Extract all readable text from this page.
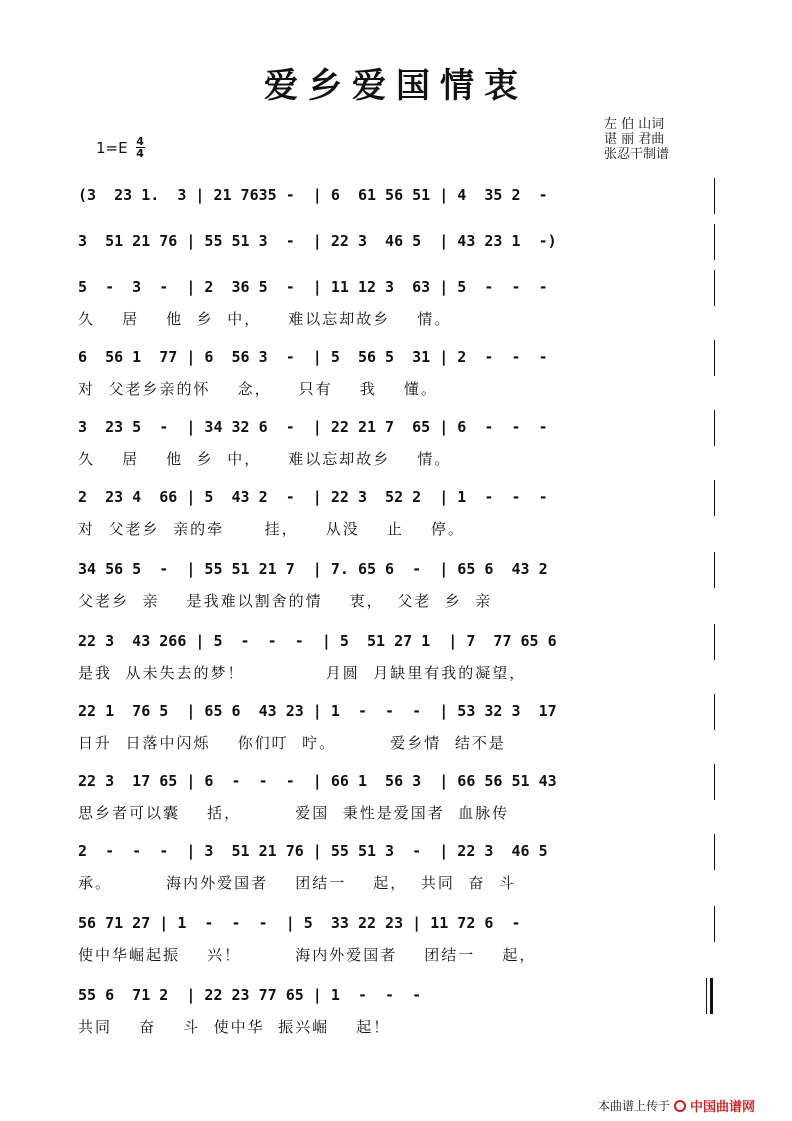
爱乡爱国情衷
$1=E \frac{4}{4}$
左 伯 山词
谌 丽 君曲
张忍干制谱
(3  23 1.  3 | 21 7635 -  | 6  61 56 51 | 4  35 2  -
3  51 21 76 | 55 51 3  -  | 22 3  46 5  | 43 23 1  -)
5  -  3  -  | 2  36 5  -  | 11 12 3  63 | 5  -  -  -
久    居    他  乡  中，    难以忘却故乡    情。
6  56 1  77 | 6  56 3  -  | 5  56 5  31 | 2  -  -  -
对  父老乡亲的怀    念，    只有    我    懂。
3  23 5  -  | 34 32 6  -  | 22 21 7  65 | 6  -  -  -
久    居    他  乡  中，    难以忘却故乡    情。
2  23 4  66 | 5  43 2  -  | 22 3  52 2  | 1  -  -  -
对  父老乡  亲的牵      挂，    从没    止    停。
34 56 5  -  | 55 51 21 7  | 7. 65 6  -  | 65 6  43 2
父老乡  亲    是我难以割舍的情    衷，  父老  乡  亲
22 3  43 266 | 5  -  -  -  | 5  51 27 1  | 7  77 65 6
是我  从未失去的梦！            月圆  月缺里有我的凝望，
22 1  76 5  | 65 6  43 23 | 1  -  -  -  | 53 32 3  17
日升  日落中闪烁    你们叮  咛。        爱乡情  结不是
22 3  17 65 | 6  -  -  -  | 66 1  56 3  | 66 56 51 43
思乡者可以囊    括，        爱国  秉性是爱国者  血脉传
2  -  -  -  | 3  51 21 76 | 55 51 3  -  | 22 3  46 5
承。        海内外爱国者    团结一    起，  共同  奋  斗
56 71 27 | 1  -  -  -  | 5  33 22 23 | 11 72 6  -
使中华崛起振    兴！        海内外爱国者    团结一    起，
55 6  71 2  | 22 23 77 65 | 1  -  -  -
共同    奋    斗  使中华  振兴崛    起！
本曲谱上传于 中国曲谱网
